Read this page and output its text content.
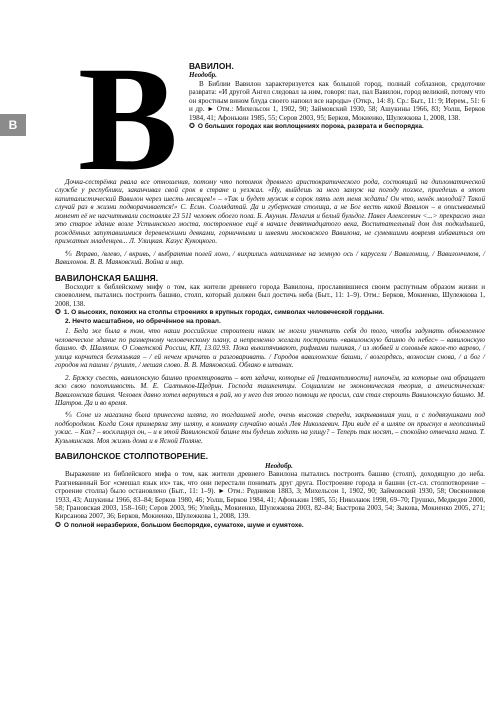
В В	ВАВИЛОН.

Неодобр.

В Библии Вавилон характеризуется как большой город, полный соблазнов, средоточие разврата: «И другой Ангел следовал за ним, говоря: пал, пал Вавилон, город великий, потому что он яростным вином блуда своего напоил все народы» (Откр., 14: 8). Ср.: Быт., 11: 9; Иерем., 51: 6 и др. ► Отм.: Михельсон 1, 1902, 90; Займовский 1930, 58; Ашукины 1966, 83; Уолш, Берков 1984, 41; Афонькин 1985, 55; Серов 2003, 95; Берков, Мокиенко, Шулежкова 1, 2008, 138.

✪ О больших городах как воплощениях порока, разврата и беспорядка.

Дочка-сестрёнка рвала все отношения, потому что потомок древнего аристократического рода, состоящий на дипломатической службе у республики, заканчивал свой срок в стране и уезжал. «Ну, выйдешь за него замуж на погоду позже, приедешь в этот капиталистический Вавилон через шесть месяцев!» – «Так и будет мужик в сорок пять лет меня ждать! Он что, ненёк молодой? Такой случай раз в жизни подворачивается!» С. Есин. Соглядатай. Да и губернская столица, а не Бог весть какой Вавилон – в описываемый момент её не насчитывали составлял 23 511 человек обоего пола. Б. Акунин. Пелагия и белый бульдог. Павел Алексеевич <...> прекрасно знал это старое здание возле Устьинского моста, построенное ещё в начале девятнадцатого века, Воспитательный дом для подкидышей, рождённых запутавшимися деревенскими девками, горничными и швеями московского Вавилона, не сумевшими вовремя избавиться от прижатых младенцев... Л. Улицкая. Казус Кукоцкого.

⅘ Вправо, /влево, / вкривь, / выбрантив полей лоно, / вихрились напиханные на земную ось / карусели / Вавилонищ, / Вавилончиков, / Вавилонов. В. В. Маяковский. Война и мир.

ВАВИЛОНСКАЯ БАШНЯ.

Восходит к библейскому мифу о том, как жители древнего города Вавилона, прославившиеся своим распутным образом жизни и своеволием, пытались построить башню, столп, который должен был достичь неба (Быт., 11: 1–9). Отм.: Берков, Мокиенко, Шулежкова 1, 2008, 138.

✪ 1. О высоких, похожих на столпы строениях в крупных городах, символах человеческой гордыни.

2. Нечто масштабное, но обречённое на провал.

1. Беда же была в том, что наши российские строители никак не могли уничтить себя до того, чтобы задумать обновленное человеческое здание по размерному человеческому плану, а непременно желали построить «вавилонскую башню до небес» – вавилонскую башню. Ф. Шаляпин. О Советской России, КП, 13.02.93. Пока выкипячивают, рифмами пиликая, / из любвей и соловьёв какое-то варево, / улица корчится безъязыкая – / ей нечем кричать и разговаривать. / Городов вавилонские башни, / возгордясь, возносим снова, / а бог / городов на пашни / рушит, / мешая слово. В. В. Маяковский. Облако в штанах.

2. Бржку съесть, вавилонскую башню проектировать – вот задачи, которые ей [талантливости] нипочём, за которые она обращает ясю свою похотливость. М. Е. Салтыков-Щедрин. Господа ташкентцы. Социализм не экономическая теория, а атеистическая: Вавилонская башня. Человек давно хотел вернуться в рай, но у него для этого помощи не просил, сам стал строить Вавилонскую башню. М. Шатров. Да и во время.

⅘ Соне из магазина была принесена шляпа, по тогдашней моде, очень высокая спереди, закрывавшая уши, и с подвязушками под подбородком. Когда Соня примеряла эту шляпу, в комнату случайно вошёл Лев Николаевич. При виде её в шляпе он прыснул в неопсанный ужас. – Как? – восклицнул он, – и в этой Вавилонской башне ты будешь ходить на улицу? – Теперь так носят, – спокойно отвечала мама. Т. Кузьминская. Моя жизнь дома и в Ясной Поляне.

ВАВИЛОНСКОЕ СТОЛПОТВОРЕНИЕ.

Неодобр.

Выражение из библейского мифа о том, как жители древнего Вавилона пытались построить башню (столп), доходящую до неба. Разгневанный Бог «смешал язык их» так, что они перестали понимать друг друга. Построение города и башни (ст.-сл. столпотворение – строение столпа) было остановлено (Быт., 11: 1–9). ► Отм.: Редников 1883, 3; Михельсон 1, 1902, 90; Займовский 1930, 58; Овсянников 1933, 43; Ашукины 1966, 83–84; Берков 1980, 46; Уолш, Берков 1984, 41; Афонькин 1985, 55; Николаюк 1998, 69–70; Грушко, Медведев 2000, 58; Грановская 2003, 158–160; Серов 2003, 96; Улейдь, Мокиенко, Шулежкова 2003, 82–84; Быстрова 2003, 54; Зыкова, Мокиенко 2005, 271; Кирсанова 2007, 36; Берков, Мокиенко, Шулежкова 1, 2008, 139.

✪ О полной неразберихе, большом беспорядке, суматохе, шуме и сумятохе.
